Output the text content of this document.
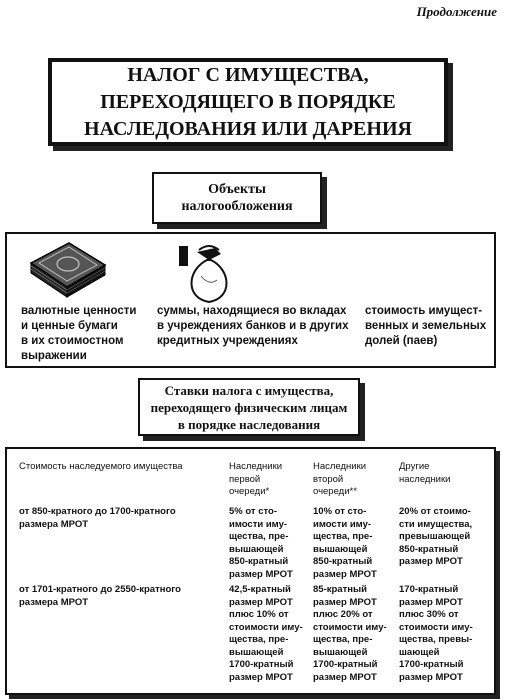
Продолжение
НАЛОГ С ИМУЩЕСТВА,
ПЕРЕХОДЯЩЕГО В ПОРЯДКЕ
НАСЛЕДОВАНИЯ ИЛИ ДАРЕНИЯ
Объекты
налогообложения
валютные ценности
и ценные бумаги
в их стоимостном
выражении
суммы, находящиеся во вкладах
в учреждениях банков и в других
кредитных учреждениях
стоимость имущест-
венных и земельных
долей (паев)
Ставки налога с имущества,
переходящего физическим лицам
в порядке наследования
Стоимость наследуемого имущества	Наследники
первой
очереди*
Наследники
второй
очереди**
Другие
наследники
от 850-кратного до 1700-кратного
размера МРОТ
5% от сто-
имости иму-
щества, пре-
вышающей
850-кратный
размер МРОТ
10% от сто-
имости иму-
щества, пре-
вышающей
850-кратный
размер МРОТ
20% от стоимо-
сти имущества,
превышающей
850-кратный
размер МРОТ
от 1701-кратного до 2550-кратного
размера МРОТ
42,5-кратный
размер МРОТ
плюс 10% от
стоимости иму-
щества, пре-
вышающей
1700-кратный
размер МРОТ
85-кратный
размер МРОТ
плюс 20% от
стоимости иму-
щества, пре-
вышающей
1700-кратный
размер МРОТ
170-кратный
размер МРОТ
плюс 30% от
стоимости иму-
щества, превы-
шающей
1700-кратный
размер МРОТ
